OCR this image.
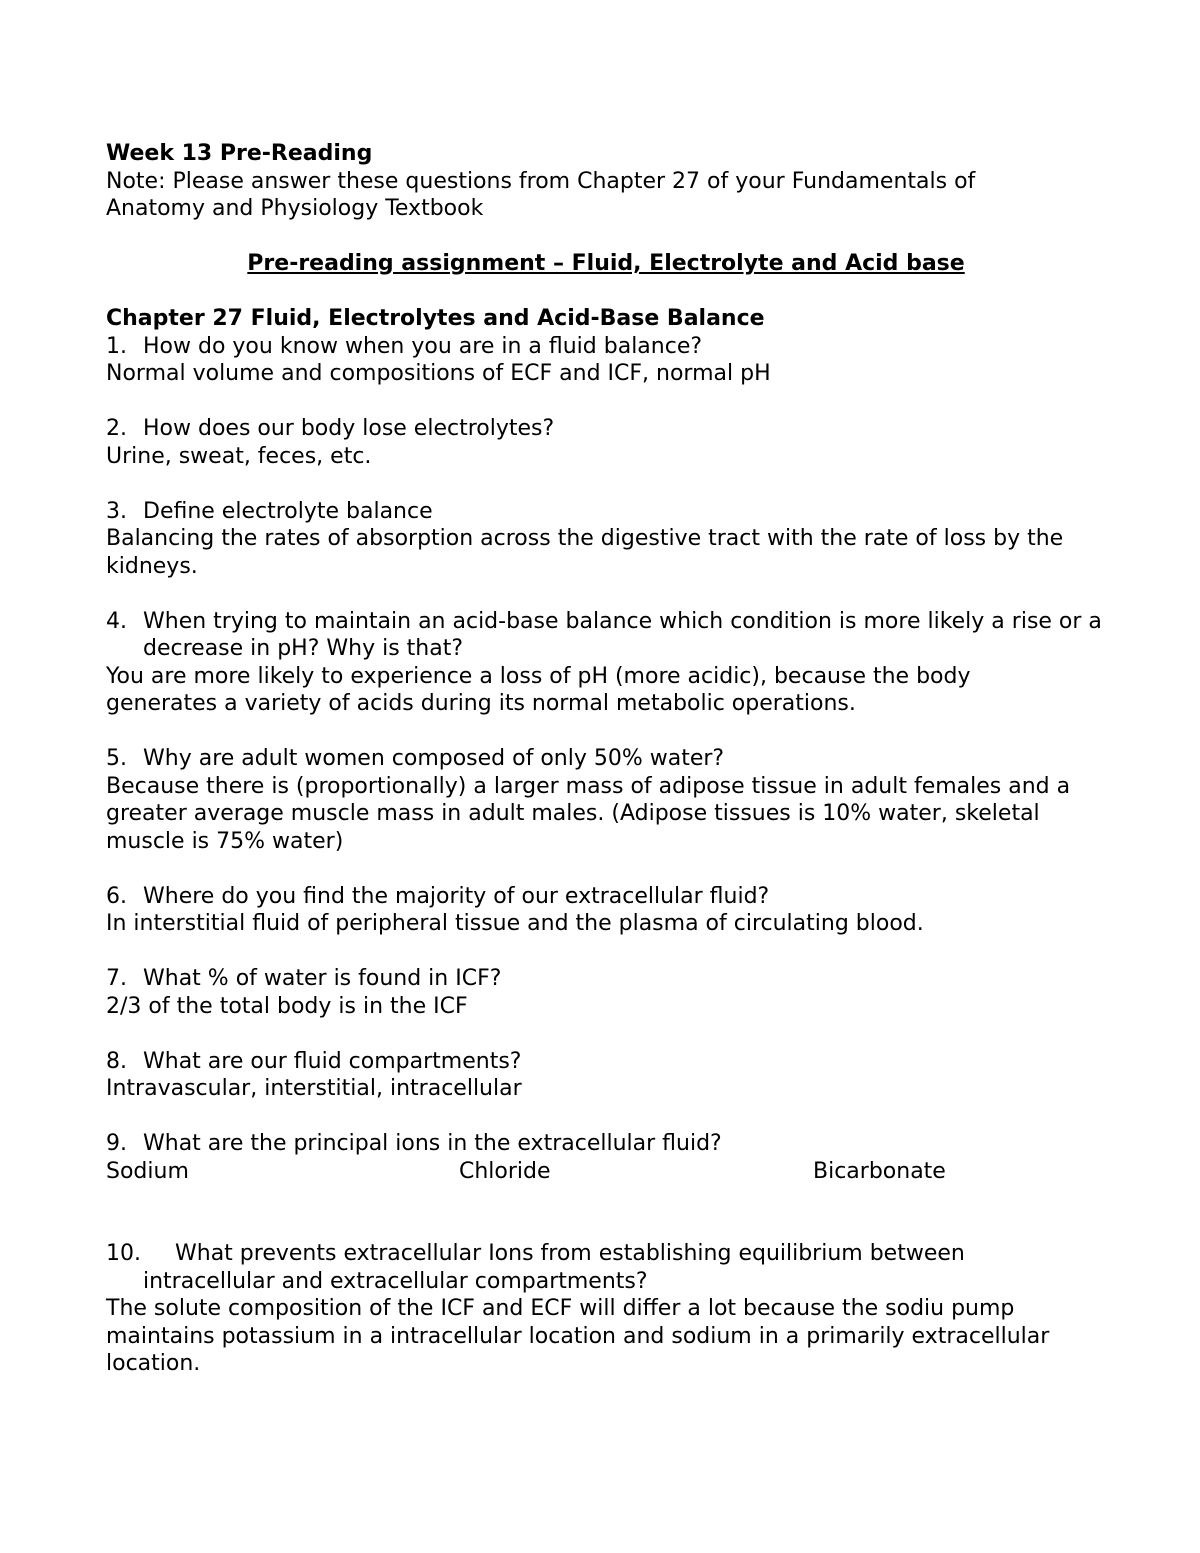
Week 13 Pre-Reading

Note: Please answer these questions from Chapter 27 of your Fundamentals of

Anatomy and Physiology Textbook

Pre-reading assignment – Fluid, Electrolyte and Acid base

Chapter 27 Fluid, Electrolytes and Acid-Base Balance

1. How do you know when you are in a fluid balance?

Normal volume and compositions of ECF and ICF, normal pH

2. How does our body lose electrolytes?

Urine, sweat, feces, etc.

3. Define electrolyte balance

Balancing the rates of absorption across the digestive tract with the rate of loss by the kidneys.

4. When trying to maintain an acid-base balance which condition is more likely a rise or a decrease in pH? Why is that?

You are more likely to experience a loss of pH (more acidic), because the body generates a variety of acids during its normal metabolic operations.

5. Why are adult women composed of only 50% water?

Because there is (proportionally) a larger mass of adipose tissue in adult females and a greater average muscle mass in adult males. (Adipose tissues is 10% water, skeletal muscle is 75% water)

6. Where do you find the majority of our extracellular fluid?

In interstitial fluid of peripheral tissue and the plasma of circulating blood.

7. What % of water is found in ICF?

2/3 of the total body is in the ICF

8. What are our fluid compartments?

Intravascular, interstitial, intracellular

9. What are the principal ions in the extracellular fluid?

Sodium	Chloride	Bicarbonate

10. What prevents extracellular Ions from establishing equilibrium between intracellular and extracellular compartments?

The solute composition of the ICF and ECF will differ a lot because the sodiu pump maintains potassium in a intracellular location and sodium in a primarily extracellular location.
